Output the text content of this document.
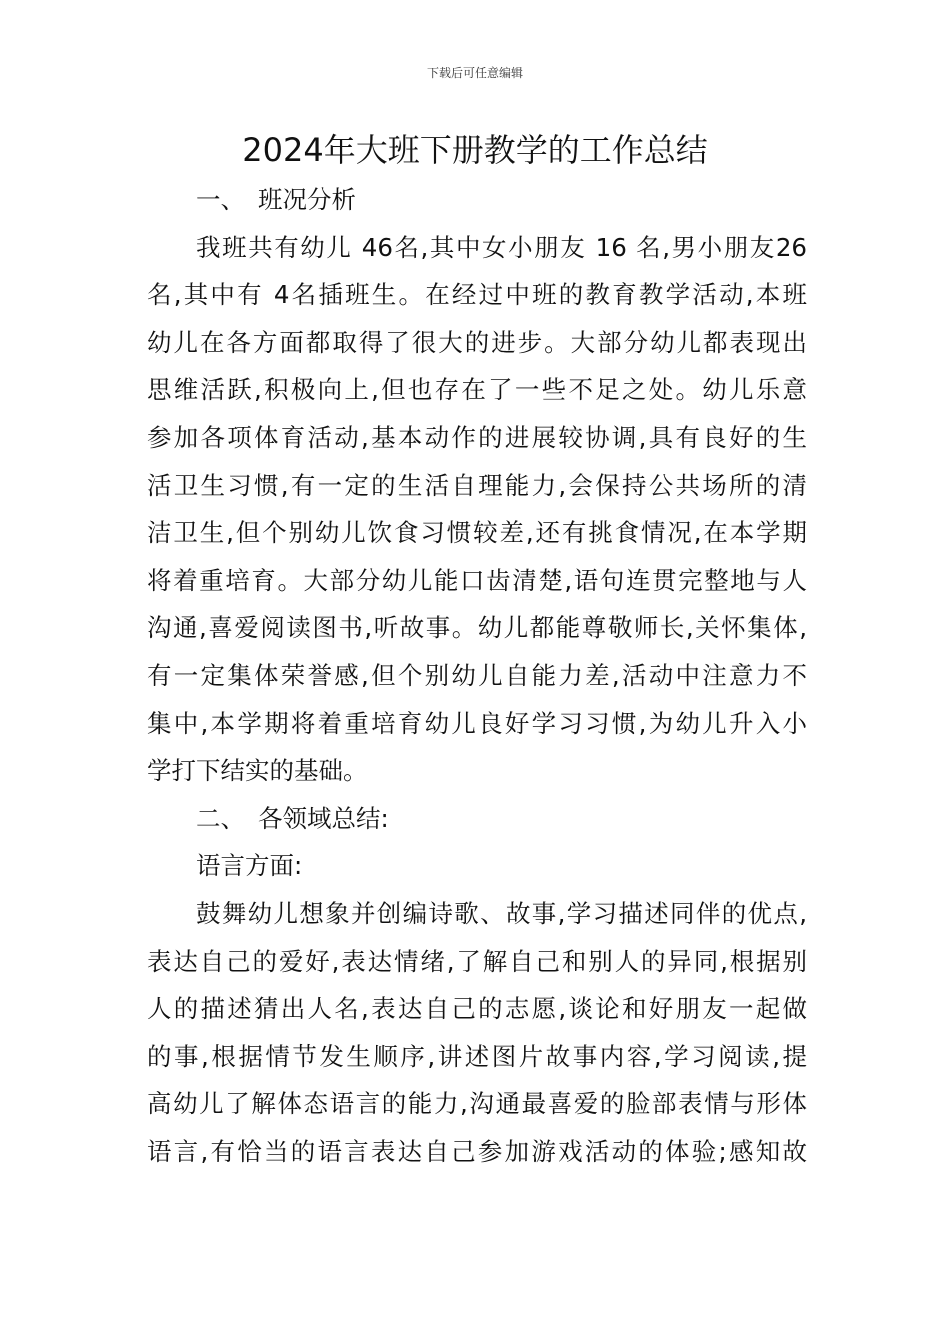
下载后可任意编辑
2024年大班下册教学的工作总结
一、 班况分析
我班共有幼儿 46名,其中女小朋友 16 名,男小朋友26
名,其中有 4名插班生。在经过中班的教育教学活动,本班
幼儿在各方面都取得了很大的进步。大部分幼儿都表现出
思维活跃,积极向上,但也存在了一些不足之处。幼儿乐意
参加各项体育活动,基本动作的进展较协调,具有良好的生
活卫生习惯,有一定的生活自理能力,会保持公共场所的清
洁卫生,但个别幼儿饮食习惯较差,还有挑食情况,在本学期
将着重培育。大部分幼儿能口齿清楚,语句连贯完整地与人
沟通,喜爱阅读图书,听故事。幼儿都能尊敬师长,关怀集体,
有一定集体荣誉感,但个别幼儿自能力差,活动中注意力不
集中,本学期将着重培育幼儿良好学习习惯,为幼儿升入小
学打下结实的基础。
二、 各领域总结:
语言方面:
鼓舞幼儿想象并创编诗歌、故事,学习描述同伴的优点,
表达自己的爱好,表达情绪,了解自己和别人的异同,根据别
人的描述猜出人名,表达自己的志愿,谈论和好朋友一起做
的事,根据情节发生顺序,讲述图片故事内容,学习阅读,提
高幼儿了解体态语言的能力,沟通最喜爱的脸部表情与形体
语言,有恰当的语言表达自己参加游戏活动的体验;感知故
